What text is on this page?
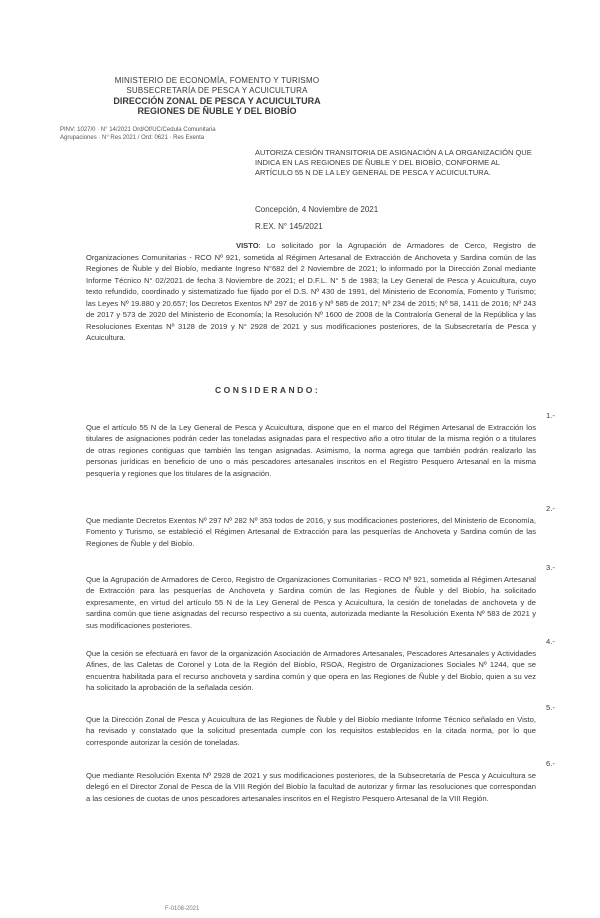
MINISTERIO DE ECONOMÍA, FOMENTO Y TURISMO
SUBSECRETARÍA DE PESCA Y ACUICULTURA
DIRECCIÓN ZONAL DE PESCA Y ACUICULTURA
REGIONES DE ÑUBLE Y DEL BIOBÍO
PINV: 1027/0 · N° 14/2021 Ord/Of/UC/Cedula Comunitaria
Agrupaciones · N° Res 2021 / Ord: 0621 · Res Exenta
AUTORIZA CESIÓN TRANSITORIA DE ASIGNACIÓN A LA ORGANIZACIÓN QUE INDICA EN LAS REGIONES DE ÑUBLE Y DEL BIOBÍO, CONFORME AL ARTÍCULO 55 N DE LA LEY GENERAL DE PESCA Y ACUICULTURA.
Concepción, 4 Noviembre de 2021
R.EX. N° 145/2021
VISTO: Lo solicitado por la Agrupación de Armadores de Cerco, Registro de Organizaciones Comunitarias - RCO Nº 921, sometida al Régimen Artesanal de Extracción de Anchoveta y Sardina común de las Regiones de Ñuble y del Biobío, mediante Ingreso N°682 del 2 Noviembre de 2021; lo informado por la Dirección Zonal mediante Informe Técnico N° 02/2021 de fecha 3 Noviembre de 2021; el D.F.L. N° 5 de 1983; la Ley General de Pesca y Acuicultura, cuyo texto refundido, coordinado y sistematizado fue fijado por el D.S. Nº 430 de 1991, del Ministerio de Economía, Fomento y Turismo; las Leyes Nº 19.880 y 20.657; los Decretos Exentos Nº 297 de 2016 y Nº 585 de 2017; Nº 234 de 2015; Nº 58, 1411 de 2016; Nº 243 de 2017 y 573 de 2020 del Ministerio de Economía; la Resolución Nº 1600 de 2008 de la Contraloría General de la República y las Resoluciones Exentas Nº 3128 de 2019 y N° 2928 de 2021 y sus modificaciones posteriores, de la Subsecretaría de Pesca y Acuicultura.
CONSIDERANDO:
1.- Que el artículo 55 N de la Ley General de Pesca y Acuicultura, dispone que en el marco del Régimen Artesanal de Extracción los titulares de asignaciones podrán ceder las toneladas asignadas para el respectivo año a otro titular de la misma región o a titulares de otras regiones contiguas que también las tengan asignadas. Asimismo, la norma agrega que también podrán realizarlo las personas jurídicas en beneficio de uno o más pescadores artesanales inscritos en el Registro Pesquero Artesanal en la misma pesquería y regiones que los titulares de la asignación.
2.- Que mediante Decretos Exentos Nº 297 Nº 282 Nº 353 todos de 2016, y sus modificaciones posteriores, del Ministerio de Economía, Fomento y Turismo, se estableció el Régimen Artesanal de Extracción para las pesquerías de Anchoveta y Sardina común de las Regiones de Ñuble y del Biobío.
3.- Que la Agrupación de Armadores de Cerco, Registro de Organizaciones Comunitarias - RCO Nº 921, sometida al Régimen Artesanal de Extracción para las pesquerías de Anchoveta y Sardina común de las Regiones de Ñuble y del Biobío, ha solicitado expresamente, en virtud del artículo 55 N de la Ley General de Pesca y Acuicultura, la cesión de toneladas de anchoveta y de sardina común que tiene asignadas del recurso respectivo a su cuenta, autorizada mediante la Resolución Exenta Nº 583 de 2021 y sus modificaciones posteriores.
4.- Que la cesión se efectuará en favor de la organización Asociación de Armadores Artesanales, Pescadores Artesanales y Actividades Afines, de las Caletas de Coronel y Lota de la Región del Biobío, RSOA, Registro de Organizaciones Sociales Nº 1244, que se encuentra habilitada para el recurso anchoveta y sardina común y que opera en las Regiones de Ñuble y del Biobío, quien a su vez ha solicitado la aprobación de la señalada cesión.
5.- Que la Dirección Zonal de Pesca y Acuicultura de las Regiones de Ñuble y del Biobío mediante Informe Técnico señalado en Visto, ha revisado y constatado que la solicitud presentada cumple con los requisitos establecidos en la citada norma, por lo que corresponde autorizar la cesión de toneladas.
6.- Que mediante Resolución Exenta Nº 2928 de 2021 y sus modificaciones posteriores, de la Subsecretaría de Pesca y Acuicultura se delegó en el Director Zonal de Pesca de la VIII Región del Biobío la facultad de autorizar y firmar las resoluciones que correspondan a las cesiones de cuotas de unos pescadores artesanales inscritos en el Registro Pesquero Artesanal de la VIII Región.
F-0108-2021
